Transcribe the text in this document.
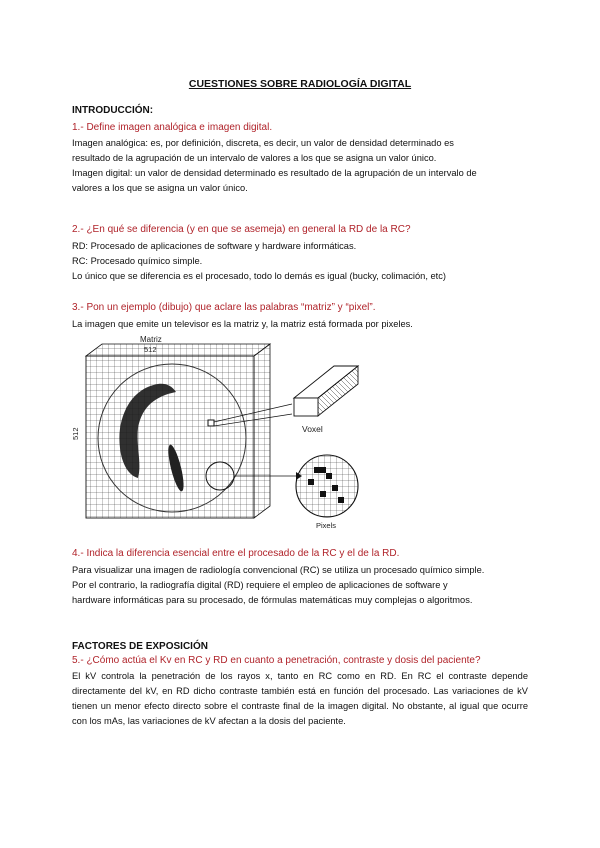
CUESTIONES SOBRE RADIOLOGÍA DIGITAL
INTRODUCCIÓN:
1.- Define imagen analógica e imagen digital.
Imagen analógica: es, por definición, discreta, es decir, un valor de densidad determinado es
resultado de la agrupación de un intervalo de valores a los que se asigna un valor único.
Imagen digital: un valor de densidad determinado es resultado de la agrupación de un intervalo de
valores a los que se asigna un valor único.
2.- ¿En qué se diferencia (y en que se asemeja) en general la RD de la RC?
RD: Procesado de aplicaciones de software y hardware informáticas.
RC: Procesado químico simple.
Lo único que se diferencia es el procesado, todo lo demás es igual (bucky, colimación, etc)
3.- Pon un ejemplo (dibujo) que aclare las palabras “matriz” y “pixel”.
La imagen que emite un televisor es la matriz y, la matriz está formada por pixeles.
Matriz
512
512	Voxel
Pixels
4.- Indica la diferencia esencial entre el procesado de la RC y el de la RD.
Para visualizar una imagen de radiología convencional (RC) se utiliza un procesado químico simple.
Por el contrario, la radiografía digital (RD) requiere el empleo de aplicaciones de software y
hardware informáticas para su procesado, de fórmulas matemáticas muy complejas o algoritmos.
FACTORES DE EXPOSICIÓN
5.- ¿Cómo actúa el Kv en RC y RD en cuanto a penetración, contraste y dosis del paciente?
El kV controla la penetración de los rayos x, tanto en RC como en RD. En RC el contraste depende directamente del kV, en RD dicho contraste también está en función del procesado. Las variaciones de kV tienen un menor efecto directo sobre el contraste final de la imagen digital. No obstante, al igual que ocurre con los mAs, las variaciones de kV afectan a la dosis del paciente.
